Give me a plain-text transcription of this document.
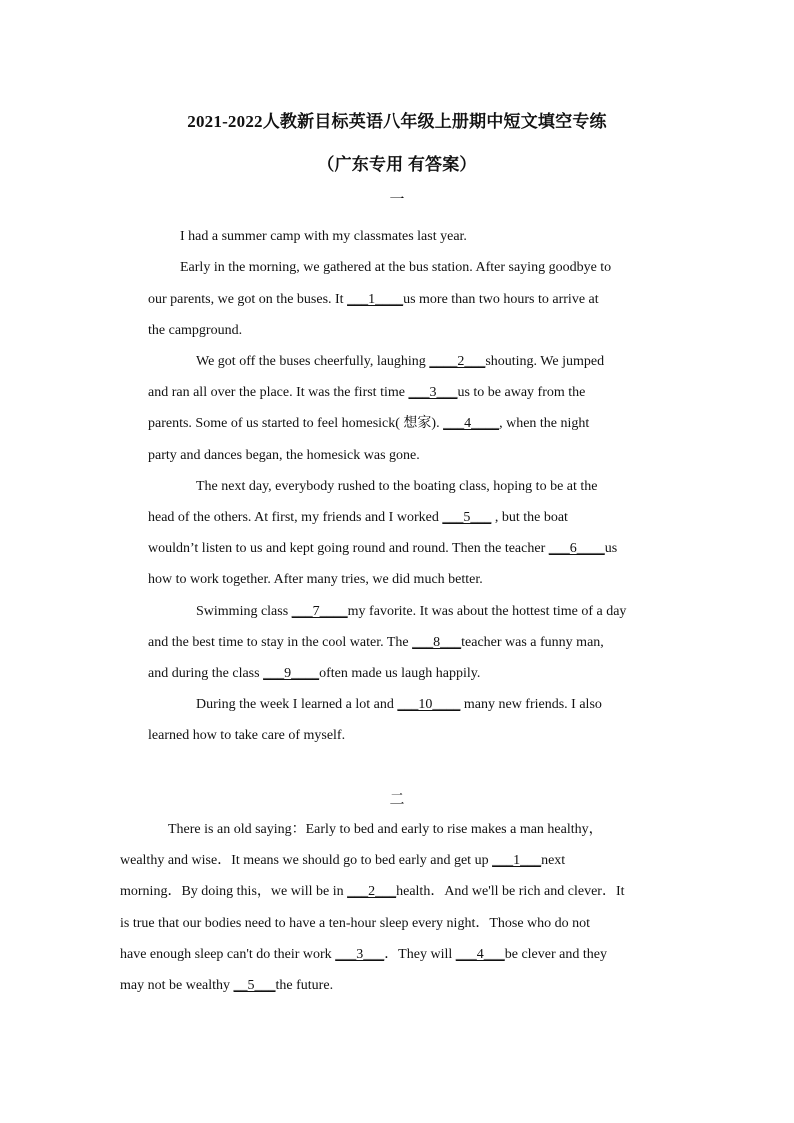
2021-2022人教新目标英语八年级上册期中短文填空专练
（广东专用 有答案）
一
I had a summer camp with my classmates last year.
Early in the morning, we gathered at the bus station. After saying goodbye to
our parents, we got on the buses. It ___1____us more than two hours to arrive at
the campground.
We got off the buses cheerfully, laughing ____2___shouting. We jumped
and ran all over the place. It was the first time ___3___us to be away from the
parents. Some of us started to feel homesick( 想家). ___4____, when the night
party and dances began, the homesick was gone.
The next day, everybody rushed to the boating class, hoping to be at the
head of the others. At first, my friends and I worked ___5___ , but the boat
wouldn’t listen to us and kept going round and round. Then the teacher ___6____us
how to work together. After many tries, we did much better.
Swimming class ___7____my favorite. It was about the hottest time of a day
and the best time to stay in the cool water. The ___8___teacher was a funny man,
and during the class ___9____often made us laugh happily.
During the week I learned a lot and ___10____ many new friends. I also
learned how to take care of myself.
二
There is an old saying：Early to bed and early to rise makes a man healthy，
wealthy and wise．It means we should go to bed early and get up ___1___next
morning．By doing this，we will be in ___2___health．And we'll be rich and clever．It
is true that our bodies need to have a ten-hour sleep every night．Those who do not
have enough sleep can't do their work ___3___．They will ___4___be clever and they
may not be wealthy __5___the future.
